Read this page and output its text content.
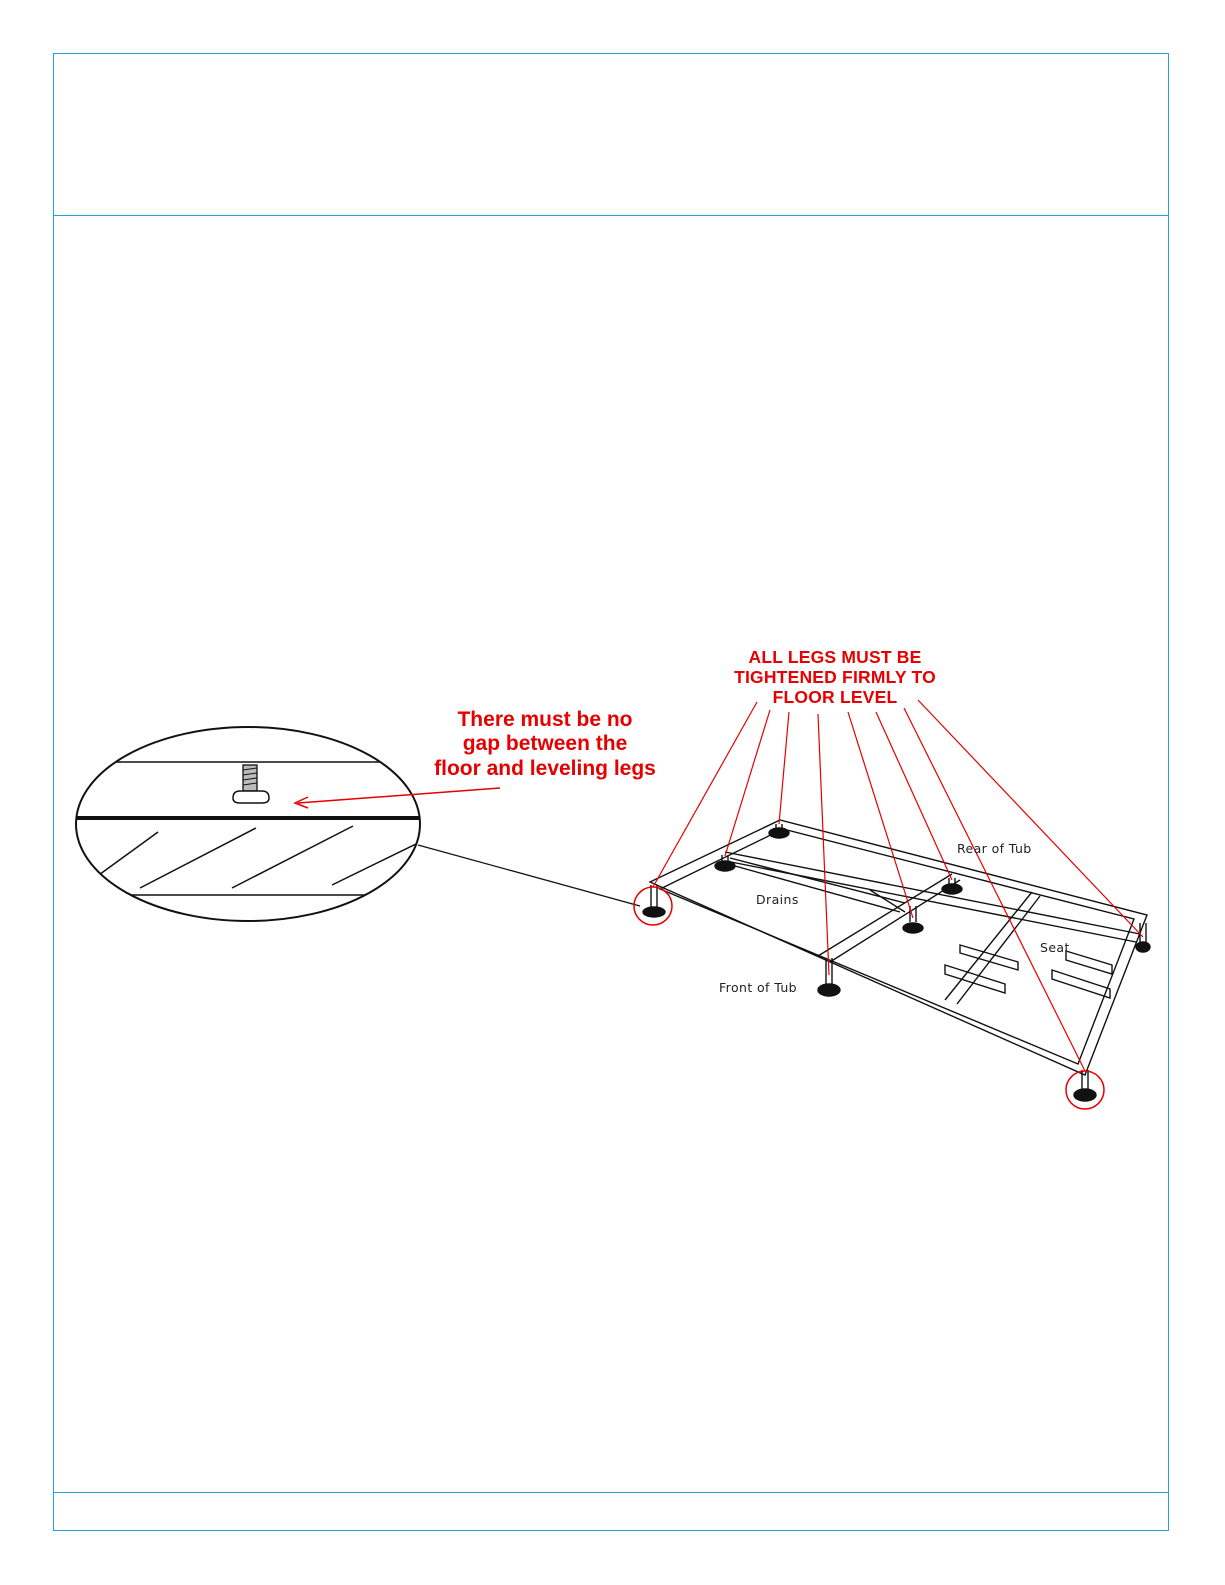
ALL LEGS MUST BE
TIGHTENED FIRMLY TO
FLOOR LEVEL
There must be no
gap between the
floor and leveling legs
Rear of Tub
Drains
Seat
Front of Tub
